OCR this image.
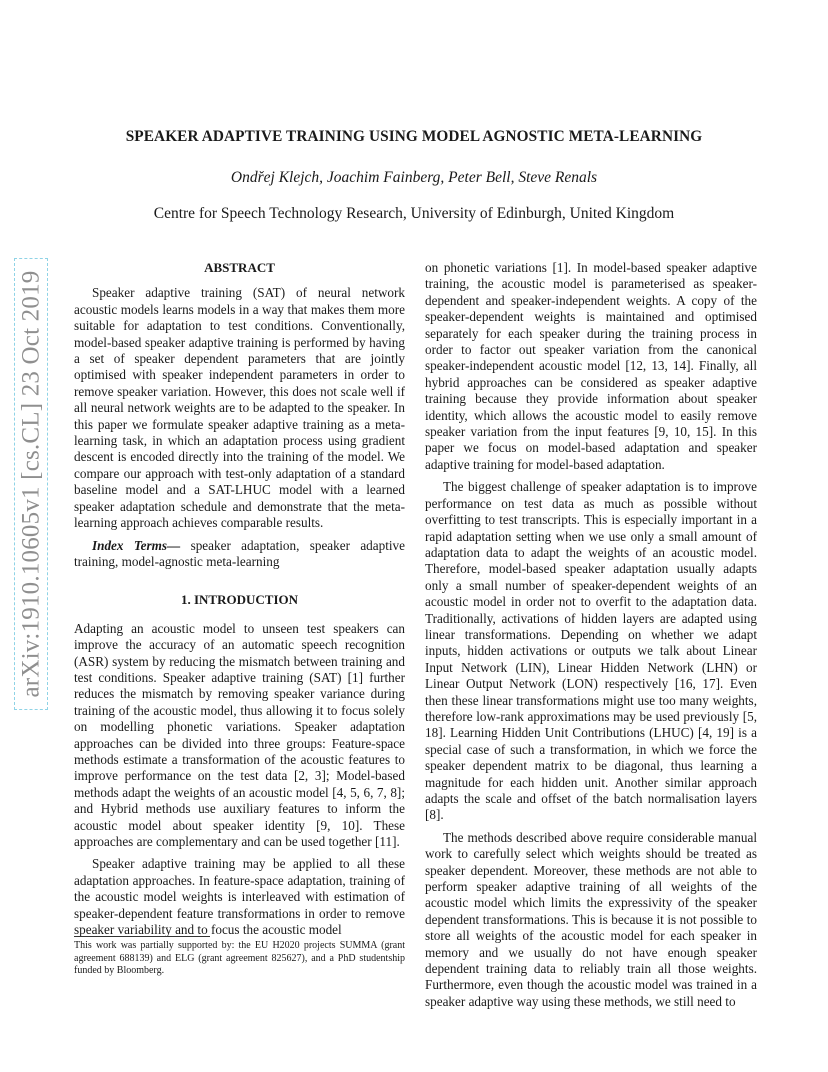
arXiv:1910.10605v1 [cs.CL] 23 Oct 2019
SPEAKER ADAPTIVE TRAINING USING MODEL AGNOSTIC META-LEARNING
Ondřej Klejch, Joachim Fainberg, Peter Bell, Steve Renals
Centre for Speech Technology Research, University of Edinburgh, United Kingdom
ABSTRACT

Speaker adaptive training (SAT) of neural network acoustic models learns models in a way that makes them more suitable for adaptation to test conditions. Conventionally, model-based speaker adaptive training is performed by having a set of speaker dependent parameters that are jointly optimised with speaker independent parameters in order to remove speaker variation. However, this does not scale well if all neural network weights are to be adapted to the speaker. In this paper we formulate speaker adaptive training as a meta-learning task, in which an adaptation process using gradient descent is encoded directly into the training of the model. We compare our approach with test-only adaptation of a standard baseline model and a SAT-LHUC model with a learned speaker adaptation schedule and demonstrate that the meta-learning approach achieves comparable results.

Index Terms— speaker adaptation, speaker adaptive training, model-agnostic meta-learning

1. INTRODUCTION

Adapting an acoustic model to unseen test speakers can improve the accuracy of an automatic speech recognition (ASR) system by reducing the mismatch between training and test conditions. Speaker adaptive training (SAT) [1] further reduces the mismatch by removing speaker variance during training of the acoustic model, thus allowing it to focus solely on modelling phonetic variations. Speaker adaptation approaches can be divided into three groups: Feature-space methods estimate a transformation of the acoustic features to improve performance on the test data [2, 3]; Model-based methods adapt the weights of an acoustic model [4, 5, 6, 7, 8]; and Hybrid methods use auxiliary features to inform the acoustic model about speaker identity [9, 10]. These approaches are complementary and can be used together [11].

Speaker adaptive training may be applied to all these adaptation approaches. In feature-space adaptation, training of the acoustic model weights is interleaved with estimation of speaker-dependent feature transformations in order to remove speaker variability and to focus the acoustic model

on phonetic variations [1]. In model-based speaker adaptive training, the acoustic model is parameterised as speaker-dependent and speaker-independent weights. A copy of the speaker-dependent weights is maintained and optimised separately for each speaker during the training process in order to factor out speaker variation from the canonical speaker-independent acoustic model [12, 13, 14]. Finally, all hybrid approaches can be considered as speaker adaptive training because they provide information about speaker identity, which allows the acoustic model to easily remove speaker variation from the input features [9, 10, 15]. In this paper we focus on model-based adaptation and speaker adaptive training for model-based adaptation.

The biggest challenge of speaker adaptation is to improve performance on test data as much as possible without overfitting to test transcripts. This is especially important in a rapid adaptation setting when we use only a small amount of adaptation data to adapt the weights of an acoustic model. Therefore, model-based speaker adaptation usually adapts only a small number of speaker-dependent weights of an acoustic model in order not to overfit to the adaptation data. Traditionally, activations of hidden layers are adapted using linear transformations. Depending on whether we adapt inputs, hidden activations or outputs we talk about Linear Input Network (LIN), Linear Hidden Network (LHN) or Linear Output Network (LON) respectively [16, 17]. Even then these linear transformations might use too many weights, therefore low-rank approximations may be used previously [5, 18]. Learning Hidden Unit Contributions (LHUC) [4, 19] is a special case of such a transformation, in which we force the speaker dependent matrix to be diagonal, thus learning a magnitude for each hidden unit. Another similar approach adapts the scale and offset of the batch normalisation layers [8].

The methods described above require considerable manual work to carefully select which weights should be treated as speaker dependent. Moreover, these methods are not able to perform speaker adaptive training of all weights of the acoustic model which limits the expressivity of the speaker dependent transformations. This is because it is not possible to store all weights of the acoustic model for each speaker in memory and we usually do not have enough speaker dependent training data to reliably train all those weights. Furthermore, even though the acoustic model was trained in a speaker adaptive way using these methods, we still need to

This work was partially supported by: the EU H2020 projects SUMMA (grant agreement 688139) and ELG (grant agreement 825627), and a PhD studentship funded by Bloomberg.
